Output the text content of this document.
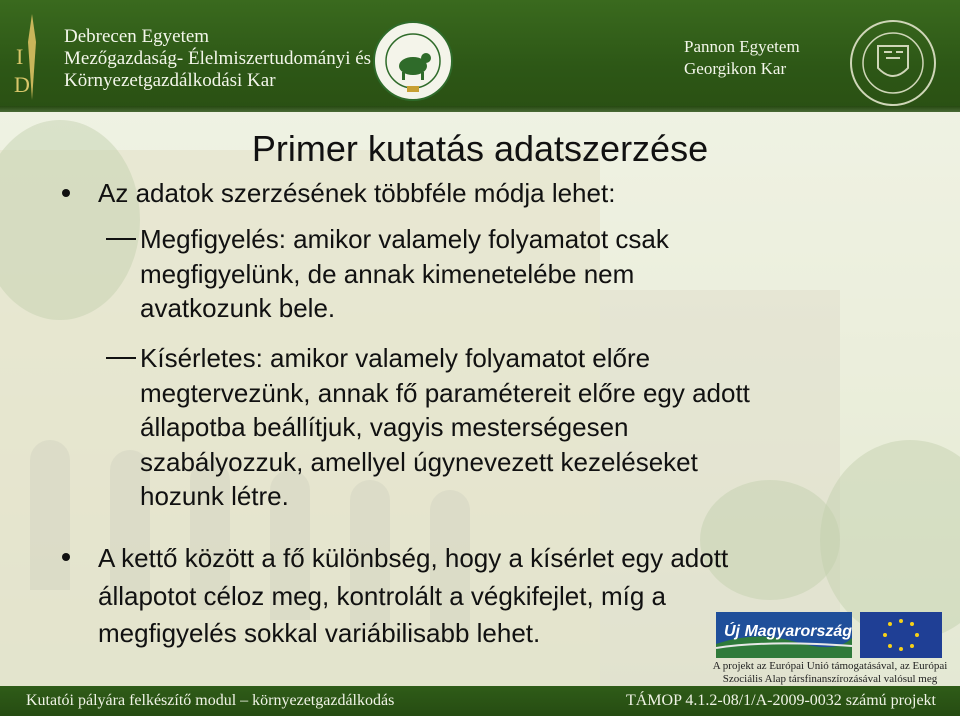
I
D
Debrecen Egyetem
Mezőgazdaság- Élelmiszertudományi és
Környezetgazdálkodási Kar
Pannon Egyetem
Georgikon Kar
Primer kutatás adatszerzése
Az adatok szerzésének többféle módja lehet:
Megfigyelés: amikor valamely folyamatot csak
megfigyelünk, de annak kimenetelébe nem
avatkozunk bele.
Kísérletes: amikor valamely folyamatot előre
megtervezünk, annak fő paramétereit előre egy adott
állapotba beállítjuk, vagyis mesterségesen
szabályozzuk, amellyel úgynevezett kezeléseket
hozunk létre.
A kettő között a fő különbség, hogy a kísérlet egy adott
állapotot céloz meg, kontrolált a végkifejlet, míg a
megfigyelés sokkal variábilisabb lehet.	Új Magyarország
A projekt az Európai Unió támogatásával, az Európai
Szociális Alap társfinanszírozásával valósul meg
Kutatói pályára felkészítő modul – környezetgazdálkodás	TÁMOP 4.1.2-08/1/A-2009-0032 számú projekt
